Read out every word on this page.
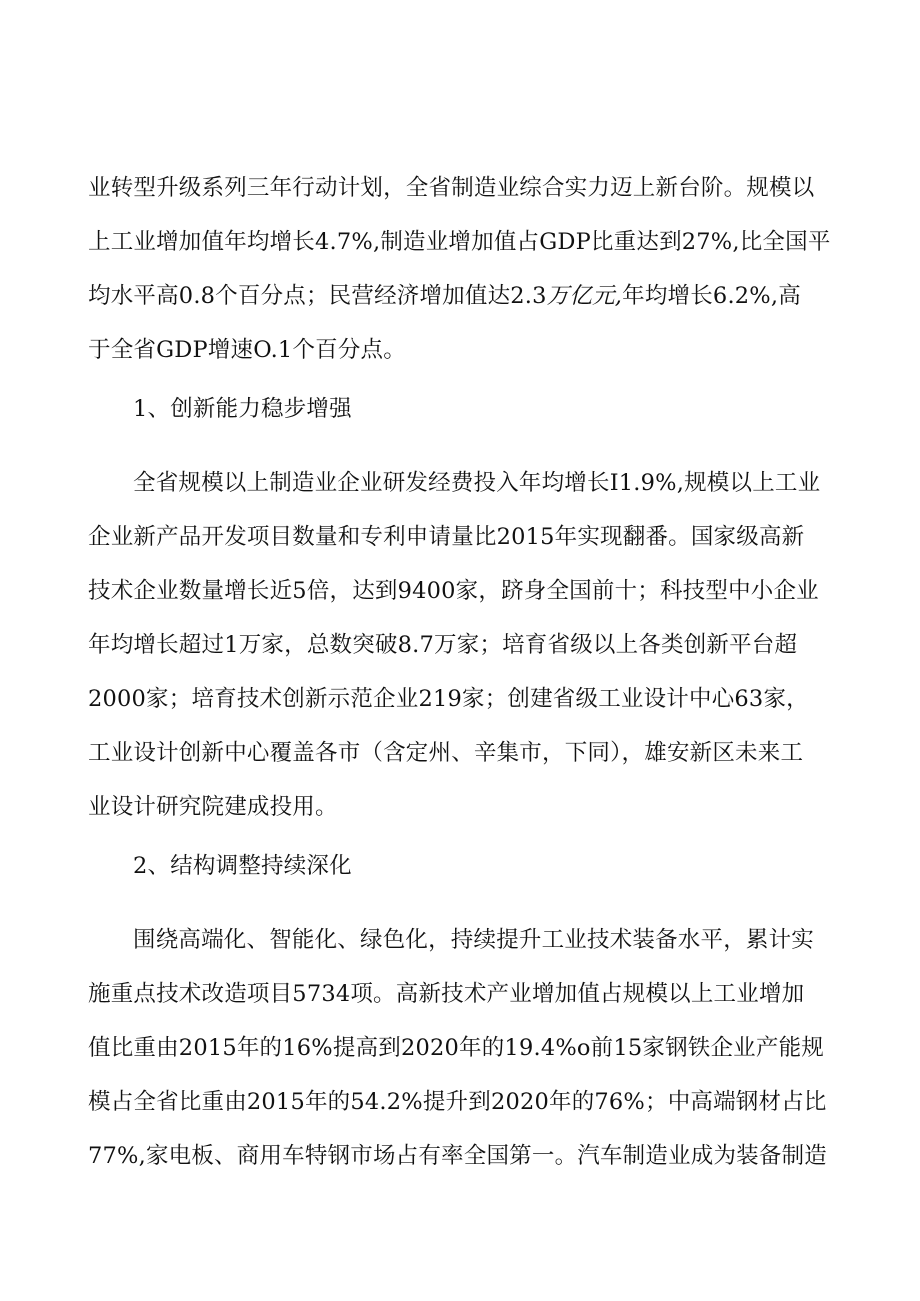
业转型升级系列三年行动计划，全省制造业综合实力迈上新台阶。规模以
上工业增加值年均增长4.7%,制造业增加值占GDP比重达到27%,比全国平
均水平高0.8个百分点；民营经济增加值达2.3万亿元,年均增长6.2%,高
于全省GDP增速O.1个百分点。
1、创新能力稳步增强
全省规模以上制造业企业研发经费投入年均增长I1.9%,规模以上工业
企业新产品开发项目数量和专利申请量比2015年实现翻番。国家级高新
技术企业数量增长近5倍，达到9400家，跻身全国前十；科技型中小企业
年均增长超过1万家，总数突破8.7万家；培育省级以上各类创新平台超
2000家；培育技术创新示范企业219家；创建省级工业设计中心63家，
工业设计创新中心覆盖各市（含定州、辛集市，下同），雄安新区未来工
业设计研究院建成投用。
2、结构调整持续深化
围绕高端化、智能化、绿色化，持续提升工业技术装备水平，累计实
施重点技术改造项目5734项。高新技术产业增加值占规模以上工业增加
值比重由2015年的16%提高到2020年的19.4%o前15家钢铁企业产能规
模占全省比重由2015年的54.2%提升到2020年的76%；中高端钢材占比
77%,家电板、商用车特钢市场占有率全国第一。汽车制造业成为装备制造
